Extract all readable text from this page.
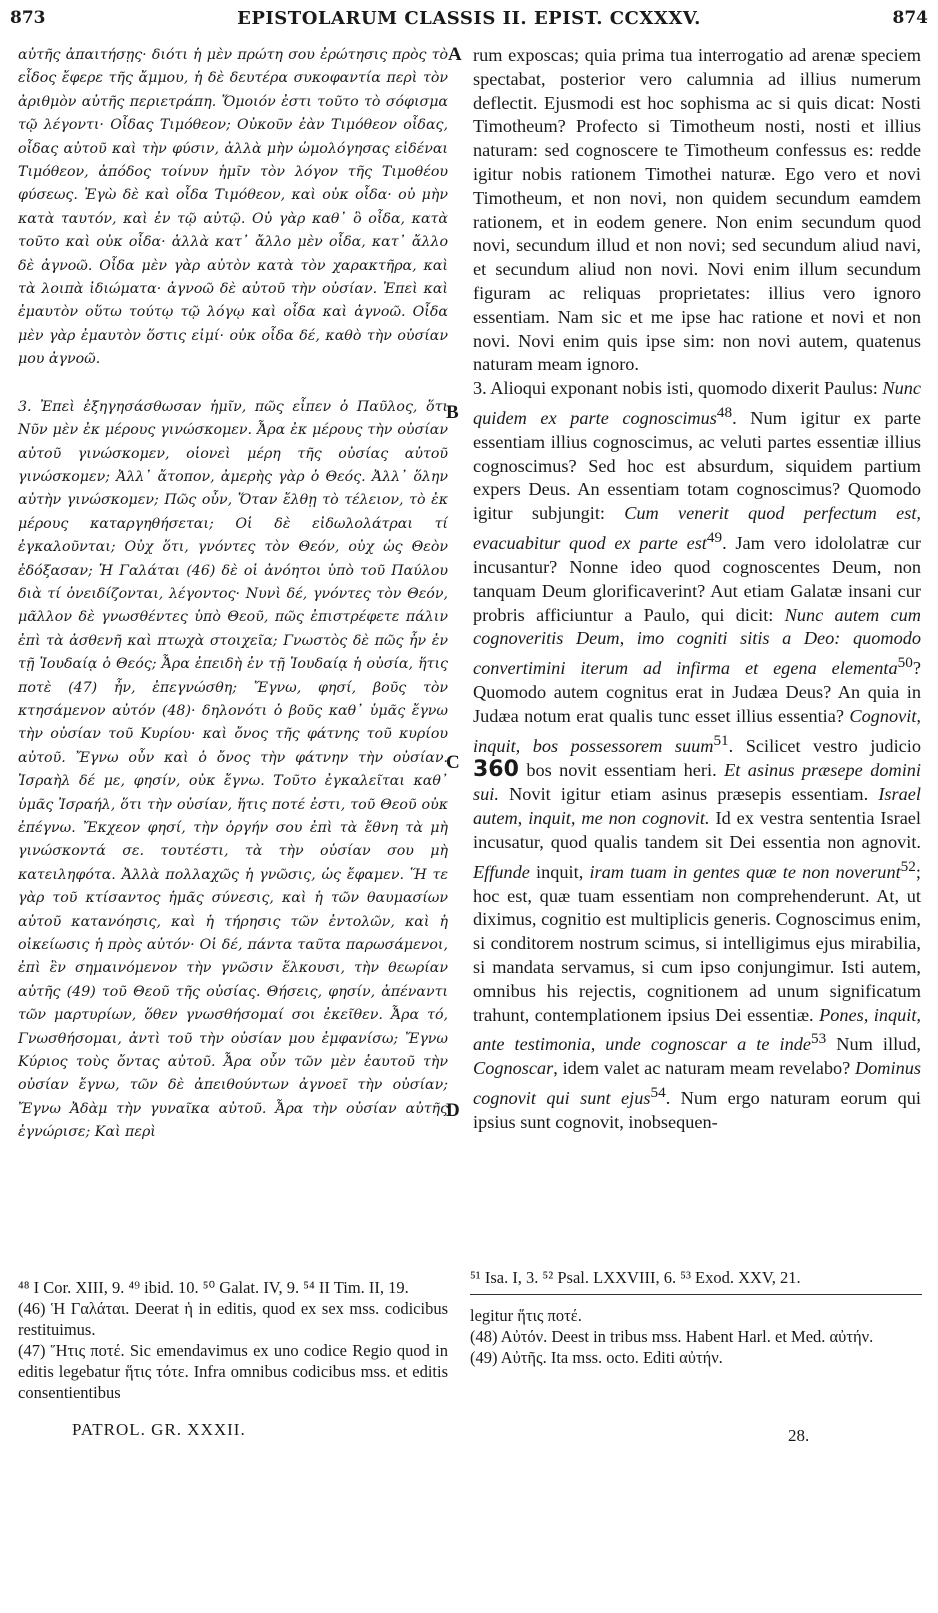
873	EPISTOLARUM CLASSIS II. EPIST. CCXXXV.	874

αὐτῆς ἀπαιτήσῃς· διότι ἡ μὲν πρώτη σου ἐρώτησις πρὸς τὸ εἶδος ἔφερε τῆς ἄμμου, ἡ δὲ δευτέρα συκοφαντία περὶ τὸν ἀριθμὸν αὐτῆς περιετράπη. Ὅμοιόν ἐστι τοῦτο τὸ σόφισμα τῷ λέγοντι· Οἶδας Τιμόθεον; Οὐκοῦν ἐὰν Τιμόθεον οἶδας, οἶδας αὐτοῦ καὶ τὴν φύσιν, ἀλλὰ μὴν ὡμολόγησας εἰδέναι Τιμόθεον, ἀπόδος τοίνυν ἡμῖν τὸν λόγον τῆς Τιμοθέου φύσεως. Ἐγὼ δὲ καὶ οἶδα Τιμόθεον, καὶ οὐκ οἶδα· οὐ μὴν κατὰ ταυτόν, καὶ ἐν τῷ αὐτῷ. Οὐ γὰρ καθ᾽ ὃ οἶδα, κατὰ τοῦτο καὶ οὐκ οἶδα· ἀλλὰ κατ᾽ ἄλλο μὲν οἶδα, κατ᾽ ἄλλο δὲ ἀγνοῶ. Οἶδα μὲν γὰρ αὐτὸν κατὰ τὸν χαρακτῆρα, καὶ τὰ λοιπὰ ἰδιώματα· ἀγνοῶ δὲ αὐτοῦ τὴν οὐσίαν. Ἐπεὶ καὶ ἐμαυτὸν οὕτω τούτῳ τῷ λόγῳ καὶ οἶδα καὶ ἀγνοῶ. Οἶδα μὲν γὰρ ἐμαυτὸν ὅστις εἰμί· οὐκ οἶδα δέ, καθὸ τὴν οὐσίαν μου ἀγνοῶ.

3. Ἐπεὶ ἐξηγησάσθωσαν ἡμῖν, πῶς εἶπεν ὁ Παῦλος, ὅτι Νῦν μὲν ἐκ μέρους γινώσκομεν. Ἆρα ἐκ μέρους τὴν οὐσίαν αὐτοῦ γινώσκομεν, οἱονεὶ μέρη τῆς οὐσίας αὐτοῦ γινώσκομεν; Ἀλλ᾽ ἄτοπον, ἀμερὴς γὰρ ὁ Θεός. Ἀλλ᾽ ὅλην αὐτὴν γινώσκομεν; Πῶς οὖν, Ὅταν ἔλθῃ τὸ τέλειον, τὸ ἐκ μέρους καταργηθήσεται; Οἱ δὲ εἰδωλολάτραι τί ἐγκαλοῦνται; Οὐχ ὅτι, γνόντες τὸν Θεόν, οὐχ ὡς Θεὸν ἐδόξασαν; Ἡ Γαλάται (46) δὲ οἱ ἀνόητοι ὑπὸ τοῦ Παύλου διὰ τί ὀνειδίζονται, λέγοντος· Νυνὶ δέ, γνόντες τὸν Θεόν, μᾶλλον δὲ γνωσθέντες ὑπὸ Θεοῦ, πῶς ἐπιστρέφετε πάλιν ἐπὶ τὰ ἀσθενῆ καὶ πτωχὰ στοιχεῖα; Γνωστὸς δὲ πῶς ἦν ἐν τῇ Ἰουδαίᾳ ὁ Θεός; Ἆρα ἐπειδὴ ἐν τῇ Ἰουδαίᾳ ἡ οὐσία, ἥτις ποτὲ (47) ἦν, ἐπεγνώσθη; Ἔγνω, φησί, βοῦς τὸν κτησάμενον αὐτόν (48)· δηλονότι ὁ βοῦς καθ᾽ ὑμᾶς ἔγνω τὴν οὐσίαν τοῦ Κυρίου· καὶ ὄνος τῆς φάτνης τοῦ κυρίου αὐτοῦ. Ἔγνω οὖν καὶ ὁ ὄνος τὴν φάτνην τὴν οὐσίαν. Ἰσραὴλ δέ με, φησίν, οὐκ ἔγνω. Τοῦτο ἐγκαλεῖται καθ᾽ ὑμᾶς Ἰσραήλ, ὅτι τὴν οὐσίαν, ἥτις ποτέ ἐστι, τοῦ Θεοῦ οὐκ ἐπέγνω. Ἔκχεον φησί, τὴν ὀργήν σου ἐπὶ τὰ ἔθνη τὰ μὴ γινώσκοντά σε. τουτέστι, τὰ τὴν οὐσίαν σου μὴ κατειληφότα. Ἀλλὰ πολλαχῶς ἡ γνῶσις, ὡς ἔφαμεν. Ἥ τε γὰρ τοῦ κτίσαντος ἡμᾶς σύνεσις, καὶ ἡ τῶν θαυμασίων αὐτοῦ κατανόησις, καὶ ἡ τήρησις τῶν ἐντολῶν, καὶ ἡ οἰκείωσις ἡ πρὸς αὐτόν· Οἱ δέ, πάντα ταῦτα παρωσάμενοι, ἐπὶ ἓν σημαινόμενον τὴν γνῶσιν ἕλκουσι, τὴν θεωρίαν αὐτῆς (49) τοῦ Θεοῦ τῆς οὐσίας. Θήσεις, φησίν, ἀπέναντι τῶν μαρτυρίων, ὅθεν γνωσθήσομαί σοι ἐκεῖθεν. Ἆρα τό, Γνωσθήσομαι, ἀντὶ τοῦ τὴν οὐσίαν μου ἐμφανίσω; Ἔγνω Κύριος τοὺς ὄντας αὐτοῦ. Ἆρα οὖν τῶν μὲν ἑαυτοῦ τὴν οὐσίαν ἔγνω, τῶν δὲ ἀπειθούντων ἀγνοεῖ τὴν οὐσίαν; Ἔγνω Ἀδὰμ τὴν γυναῖκα αὐτοῦ. Ἆρα τὴν οὐσίαν αὐτῆς ἐγνώρισε; Καὶ περὶ

A
B
C
D

rum exposcas; quia prima tua interrogatio ad arenæ speciem spectabat, posterior vero calumnia ad illius numerum deflectit. Ejusmodi est hoc sophisma ac si quis dicat: Nosti Timotheum? Profecto si Timotheum nosti, nosti et illius naturam: sed cognoscere te Timotheum confessus es: redde igitur nobis rationem Timothei naturæ. Ego vero et novi Timotheum, et non novi, non quidem secundum eamdem rationem, et in eodem genere. Non enim secundum quod novi, secundum illud et non novi; sed secundum aliud navi, et secundum aliud non novi. Novi enim illum secundum figuram ac reliquas proprietates: illius vero ignoro essentiam. Nam sic et me ipse hac ratione et novi et non novi. Novi enim quis ipse sim: non novi autem, quatenus naturam meam ignoro.

3. Alioqui exponant nobis isti, quomodo dixerit Paulus: Nunc quidem ex parte cognoscimus$^{48}$. Num igitur ex parte essentiam illius cognoscimus, ac veluti partes essentiæ illius cognoscimus? Sed hoc est absurdum, siquidem partium expers Deus. An essentiam totam cognoscimus? Quomodo igitur subjungit: Cum venerit quod perfectum est, evacuabitur quod ex parte est$^{49}$. Jam vero idololatræ cur incusantur? Nonne ideo quod cognoscentes Deum, non tanquam Deum glorificaverint? Aut etiam Galatæ insani cur probris afficiuntur a Paulo, qui dicit: Nunc autem cum cognoveritis Deum, imo cogniti sitis a Deo: quomodo convertimini iterum ad infirma et egena elementa$^{50}$? Quomodo autem cognitus erat in Judæa Deus? An quia in Judæa notum erat qualis tunc esset illius essentia? Cognovit, inquit, bos possessorem suum$^{51}$. Scilicet vestro judicio 360 bos novit essentiam heri. Et asinus præsepe domini sui. Novit igitur etiam asinus præsepis essentiam. Israel autem, inquit, me non cognovit. Id ex vestra sententia Israel incusatur, quod qualis tandem sit Dei essentia non agnovit. Effunde inquit, iram tuam in gentes quæ te non noverunt$^{52}$; hoc est, quæ tuam essentiam non comprehenderunt. At, ut diximus, cognitio est multiplicis generis. Cognoscimus enim, si conditorem nostrum scimus, si intelligimus ejus mirabilia, si mandata servamus, si cum ipso conjungimur. Isti autem, omnibus his rejectis, cognitionem ad unum significatum trahunt, contemplationem ipsius Dei essentiæ. Pones, inquit, ante testimonia, unde cognoscar a te inde$^{53}$ Num illud, Cognoscar, idem valet ac naturam meam revelabo? Dominus cognovit qui sunt ejus$^{54}$. Num ergo naturam eorum qui ipsius sunt cognovit, inobsequen-

⁴⁸ I Cor. XIII, 9. ⁴⁹ ibid. 10. ⁵⁰ Galat. IV, 9. ⁵⁴ II Tim. II, 19.

(46) Ἡ Γαλάται. Deerat ἡ in editis, quod ex sex mss. codicibus restituimus.

(47) Ἥτις ποτέ. Sic emendavimus ex uno codice Regio quod in editis legebatur ἥτις τότε. Infra omnibus codicibus mss. et editis consentientibus

⁵¹ Isa. I, 3. ⁵² Psal. LXXVIII, 6. ⁵³ Exod. XXV, 21.

legitur ἥτις ποτέ.

(48) Αὐτόν. Deest in tribus mss. Habent Harl. et Med. αὐτήν.

(49) Αὐτῆς. Ita mss. octo. Editi αὐτήν.

PATROL. GR. XXXII.	28.
